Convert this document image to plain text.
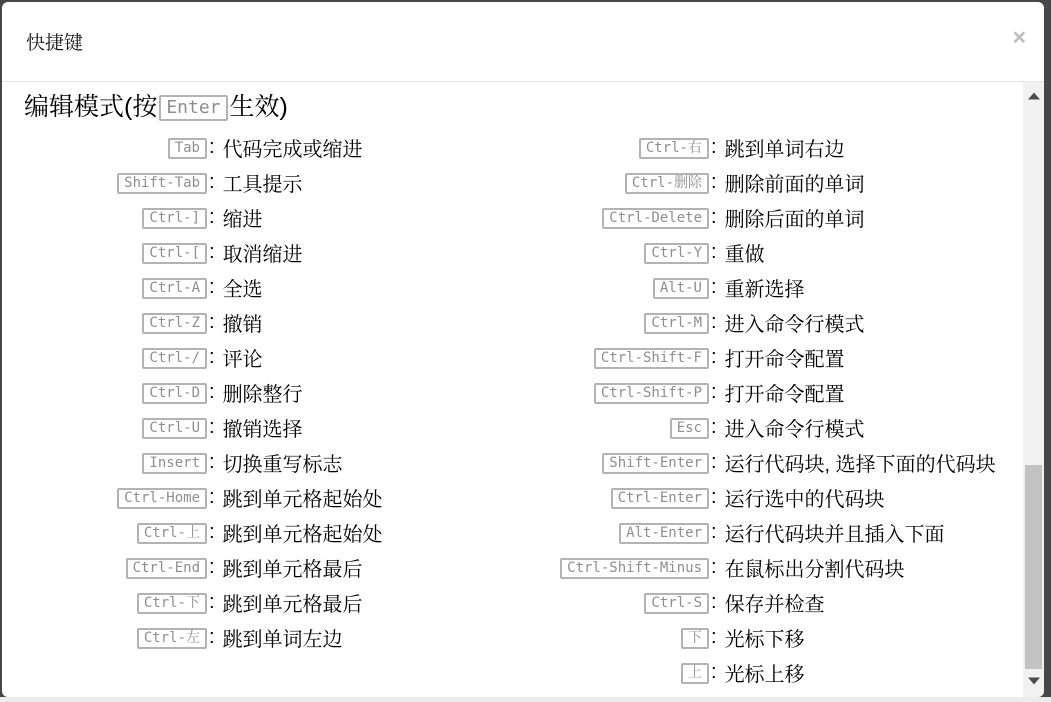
快捷键	×
编辑模式(按 Enter 生效)
Tab : 代码完成或缩进
Shift-Tab : 工具提示
Ctrl-] : 缩进
Ctrl-[ : 取消缩进
Ctrl-A : 全选
Ctrl-Z : 撤销
Ctrl-/ : 评论
Ctrl-D : 删除整行
Ctrl-U : 撤销选择
Insert : 切换重写标志
Ctrl-Home : 跳到单元格起始处
Ctrl-上 : 跳到单元格起始处
Ctrl-End : 跳到单元格最后
Ctrl-下 : 跳到单元格最后
Ctrl-左 : 跳到单词左边
Ctrl-右 : 跳到单词右边
Ctrl-删除 : 删除前面的单词
Ctrl-Delete : 删除后面的单词
Ctrl-Y : 重做
Alt-U : 重新选择
Ctrl-M : 进入命令行模式
Ctrl-Shift-F : 打开命令配置
Ctrl-Shift-P : 打开命令配置
Esc : 进入命令行模式
Shift-Enter : 运行代码块, 选择下面的代码块
Ctrl-Enter : 运行选中的代码块
Alt-Enter : 运行代码块并且插入下面
Ctrl-Shift-Minus : 在鼠标出分割代码块
Ctrl-S : 保存并检查
下 : 光标下移
上 : 光标上移
